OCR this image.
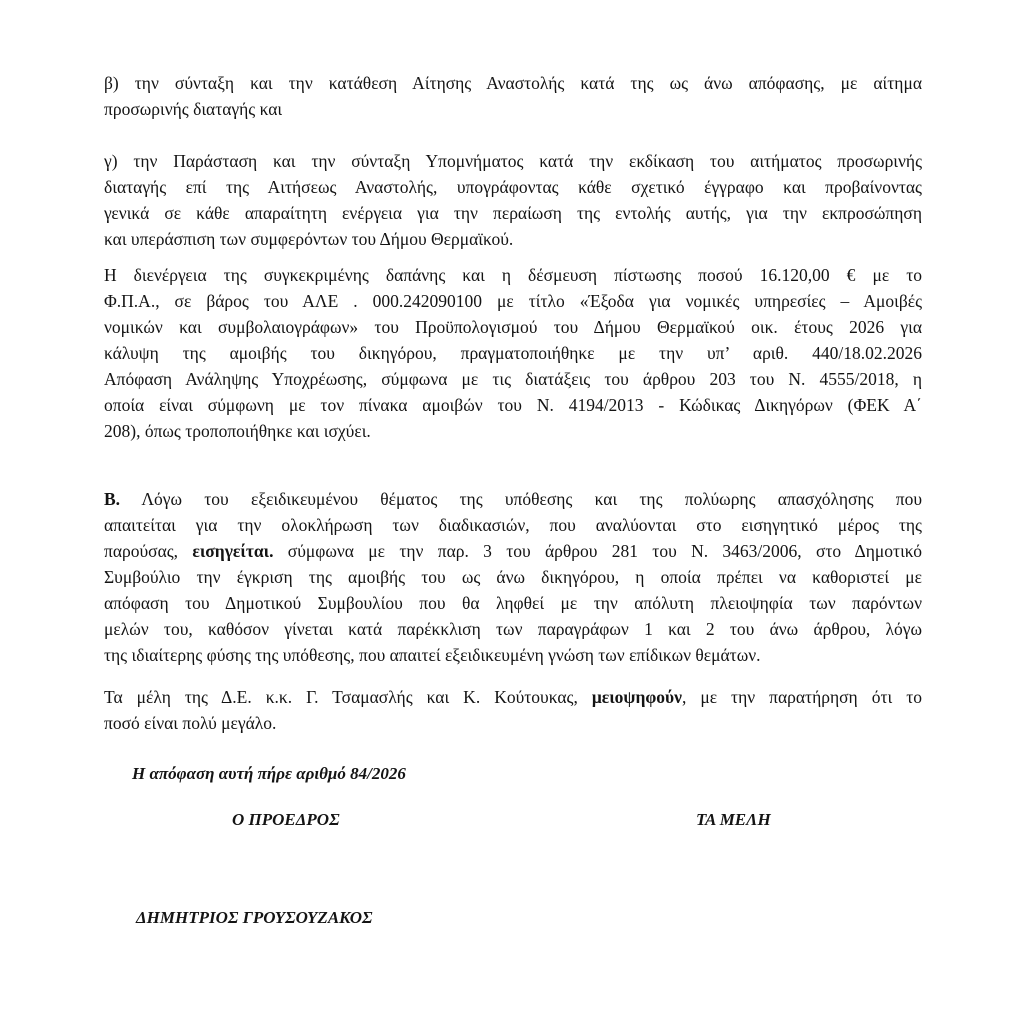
β) την σύνταξη και την κατάθεση Αίτησης Αναστολής κατά της ως άνω απόφασης, με αίτημα
προσωρινής διαταγής και
γ) την Παράσταση και την σύνταξη Υπομνήματος κατά την εκδίκαση του αιτήματος προσωρινής
διαταγής επί της Αιτήσεως Αναστολής, υπογράφοντας κάθε σχετικό έγγραφο και προβαίνοντας
γενικά σε κάθε απαραίτητη ενέργεια για την περαίωση της εντολής αυτής, για την εκπροσώπηση
και υπεράσπιση των συμφερόντων του Δήμου Θερμαϊκού.
Η διενέργεια της συγκεκριμένης δαπάνης και η δέσμευση πίστωσης ποσού 16.120,00 € με το
Φ.Π.Α., σε βάρος του ΑΛΕ . 000.242090100 με τίτλο «Έξοδα για νομικές υπηρεσίες – Αμοιβές
νομικών και συμβολαιογράφων» του Προϋπολογισμού του Δήμου Θερμαϊκού οικ. έτους 2026 για
κάλυψη της αμοιβής του δικηγόρου, πραγματοποιήθηκε με την υπ’ αριθ. 440/18.02.2026
Απόφαση Ανάληψης Υποχρέωσης, σύμφωνα με τις διατάξεις του άρθρου 203 του Ν. 4555/2018, η
οποία είναι σύμφωνη με τον πίνακα αμοιβών του Ν. 4194/2013 - Κώδικας Δικηγόρων (ΦΕΚ Α΄
208), όπως τροποποιήθηκε και ισχύει.
Β. Λόγω του εξειδικευμένου θέματος της υπόθεσης και της πολύωρης απασχόλησης που
απαιτείται για την ολοκλήρωση των διαδικασιών, που αναλύονται στο εισηγητικό μέρος της
παρούσας, εισηγείται. σύμφωνα με την παρ. 3 του άρθρου 281 του Ν. 3463/2006, στο Δημοτικό
Συμβούλιο την έγκριση της αμοιβής του ως άνω δικηγόρου, η οποία πρέπει να καθοριστεί με
απόφαση του Δημοτικού Συμβουλίου που θα ληφθεί με την απόλυτη πλειοψηφία των παρόντων
μελών του, καθόσον γίνεται κατά παρέκκλιση των παραγράφων 1 και 2 του άνω άρθρου, λόγω
της ιδιαίτερης φύσης της υπόθεσης, που απαιτεί εξειδικευμένη γνώση των επίδικων θεμάτων.
Τα μέλη της Δ.Ε. κ.κ. Γ. Τσαμασλής και Κ. Κούτουκας, μειοψηφούν, με την παρατήρηση ότι το
ποσό είναι πολύ μεγάλο.
Η απόφαση αυτή πήρε αριθμό 84/2026
Ο ΠΡΟΕΔΡΟΣ	ΤΑ ΜΕΛΗ
ΔΗΜΗΤΡΙΟΣ ΓΡΟΥΣΟΥΖΑΚΟΣ
